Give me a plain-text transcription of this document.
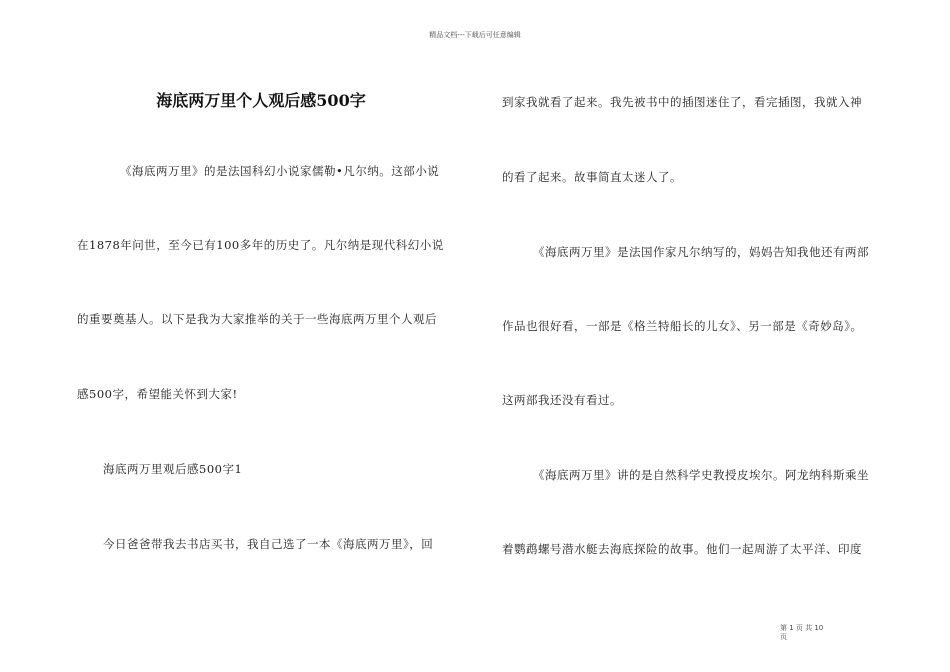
精品文档---下载后可任意编辑
海底两万里个人观后感500字
《海底两万里》的是法国科幻小说家儒勒•凡尔纳。这部小说
在1878年问世，至今已有100多年的历史了。凡尔纳是现代科幻小说
的重要奠基人。以下是我为大家推举的关于一些海底两万里个人观后
感500字，希望能关怀到大家!
海底两万里观后感500字1
今日爸爸带我去书店买书，我自己选了一本《海底两万里》，回
到家我就看了起来。我先被书中的插图迷住了，看完插图，我就入神
的看了起来。故事简直太迷人了。
《海底两万里》是法国作家凡尔纳写的，妈妈告知我他还有两部
作品也很好看，一部是《格兰特船长的儿女》、另一部是《奇妙岛》。
这两部我还没有看过。
《海底两万里》讲的是自然科学史教授皮埃尔。阿龙纳科斯乘坐
着鹦鹉螺号潜水艇去海底探险的故事。他们一起周游了太平洋、印度
第 1 页 共 10
页
